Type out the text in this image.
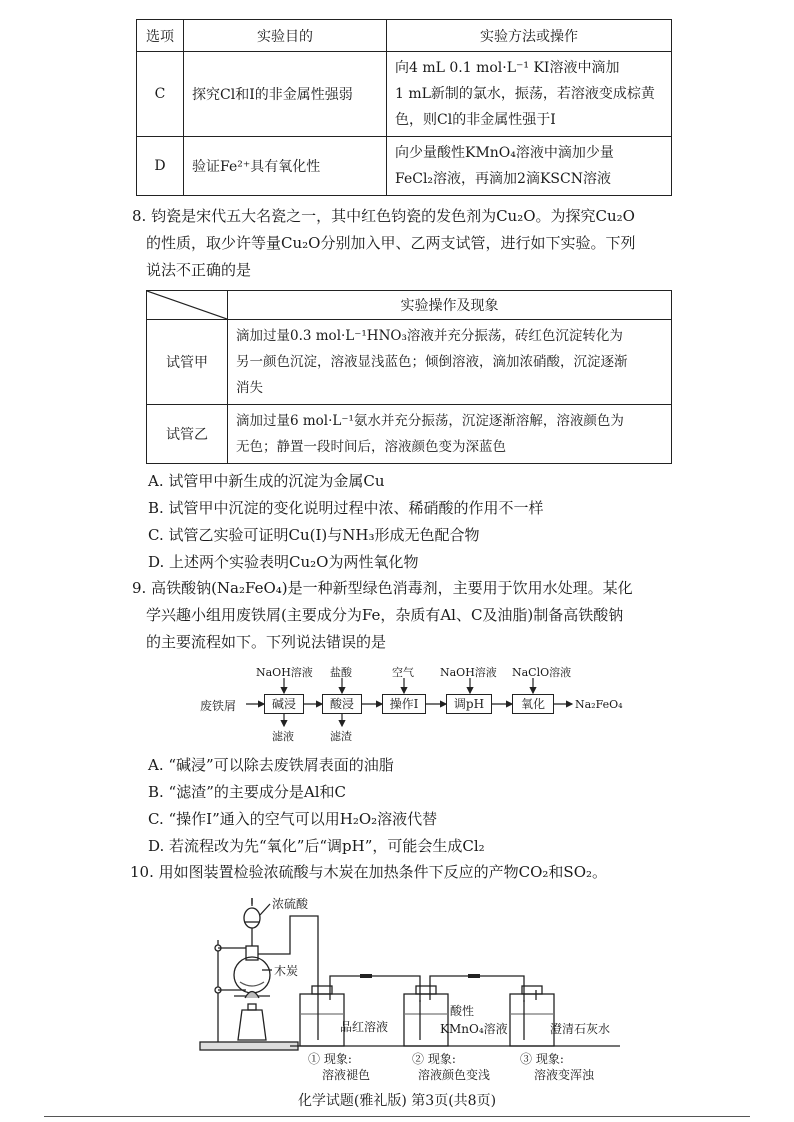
选项	实验目的	实验方法或操作
C	探究Cl和I的非金属性强弱	向4 mL 0.1 mol·L⁻¹ KI溶液中滴加
1 mL新制的氯水，振荡，若溶液变成棕黄
色，则Cl的非金属性强于I

D	验证Fe²⁺具有氧化性	向少量酸性KMnO₄溶液中滴加少量
FeCl₂溶液，再滴加2滴KSCN溶液
8. 钧瓷是宋代五大名瓷之一，其中红色钧瓷的发色剂为Cu₂O。为探究Cu₂O
的性质，取少许等量Cu₂O分别加入甲、乙两支试管，进行如下实验。下列
说法不正确的是
	实验操作及现象
试管甲	滴加过量0.3 mol·L⁻¹HNO₃溶液并充分振荡，砖红色沉淀转化为
另一颜色沉淀，溶液显浅蓝色；倾倒溶液，滴加浓硝酸，沉淀逐渐
消失

试管乙	滴加过量6 mol·L⁻¹氨水并充分振荡，沉淀逐渐溶解，溶液颜色为
无色；静置一段时间后，溶液颜色变为深蓝色
A. 试管甲中新生成的沉淀为金属Cu
B. 试管甲中沉淀的变化说明过程中浓、稀硝酸的作用不一样
C. 试管乙实验可证明Cu(Ⅰ)与NH₃形成无色配合物
D. 上述两个实验表明Cu₂O为两性氧化物
9. 高铁酸钠(Na₂FeO₄)是一种新型绿色消毒剂，主要用于饮用水处理。某化
学兴趣小组用废铁屑(主要成分为Fe，杂质有Al、C及油脂)制备高铁酸钠
的主要流程如下。下列说法错误的是
废铁屑	碱浸	酸浸	操作Ⅰ	调pH	氧化	Na₂FeO₄
NaOH溶液 盐酸	空气 NaOH溶液 NaClO溶液
滤液	滤渣
A. “碱浸”可以除去废铁屑表面的油脂
B. “滤渣”的主要成分是Al和C
C. “操作Ⅰ”通入的空气可以用H₂O₂溶液代替
D. 若流程改为先“氧化”后“调pH”，可能会生成Cl₂
10. 用如图装置检验浓硫酸与木炭在加热条件下反应的产物CO₂和SO₂。
浓硫酸
木炭
品红溶液
酸性
KMnO₄溶液	澄清石灰水
① 现象:
溶液褪色
② 现象:
溶液颜色变浅
③ 现象:
溶液变浑浊
化学试题(雅礼版) 第3页(共8页)
